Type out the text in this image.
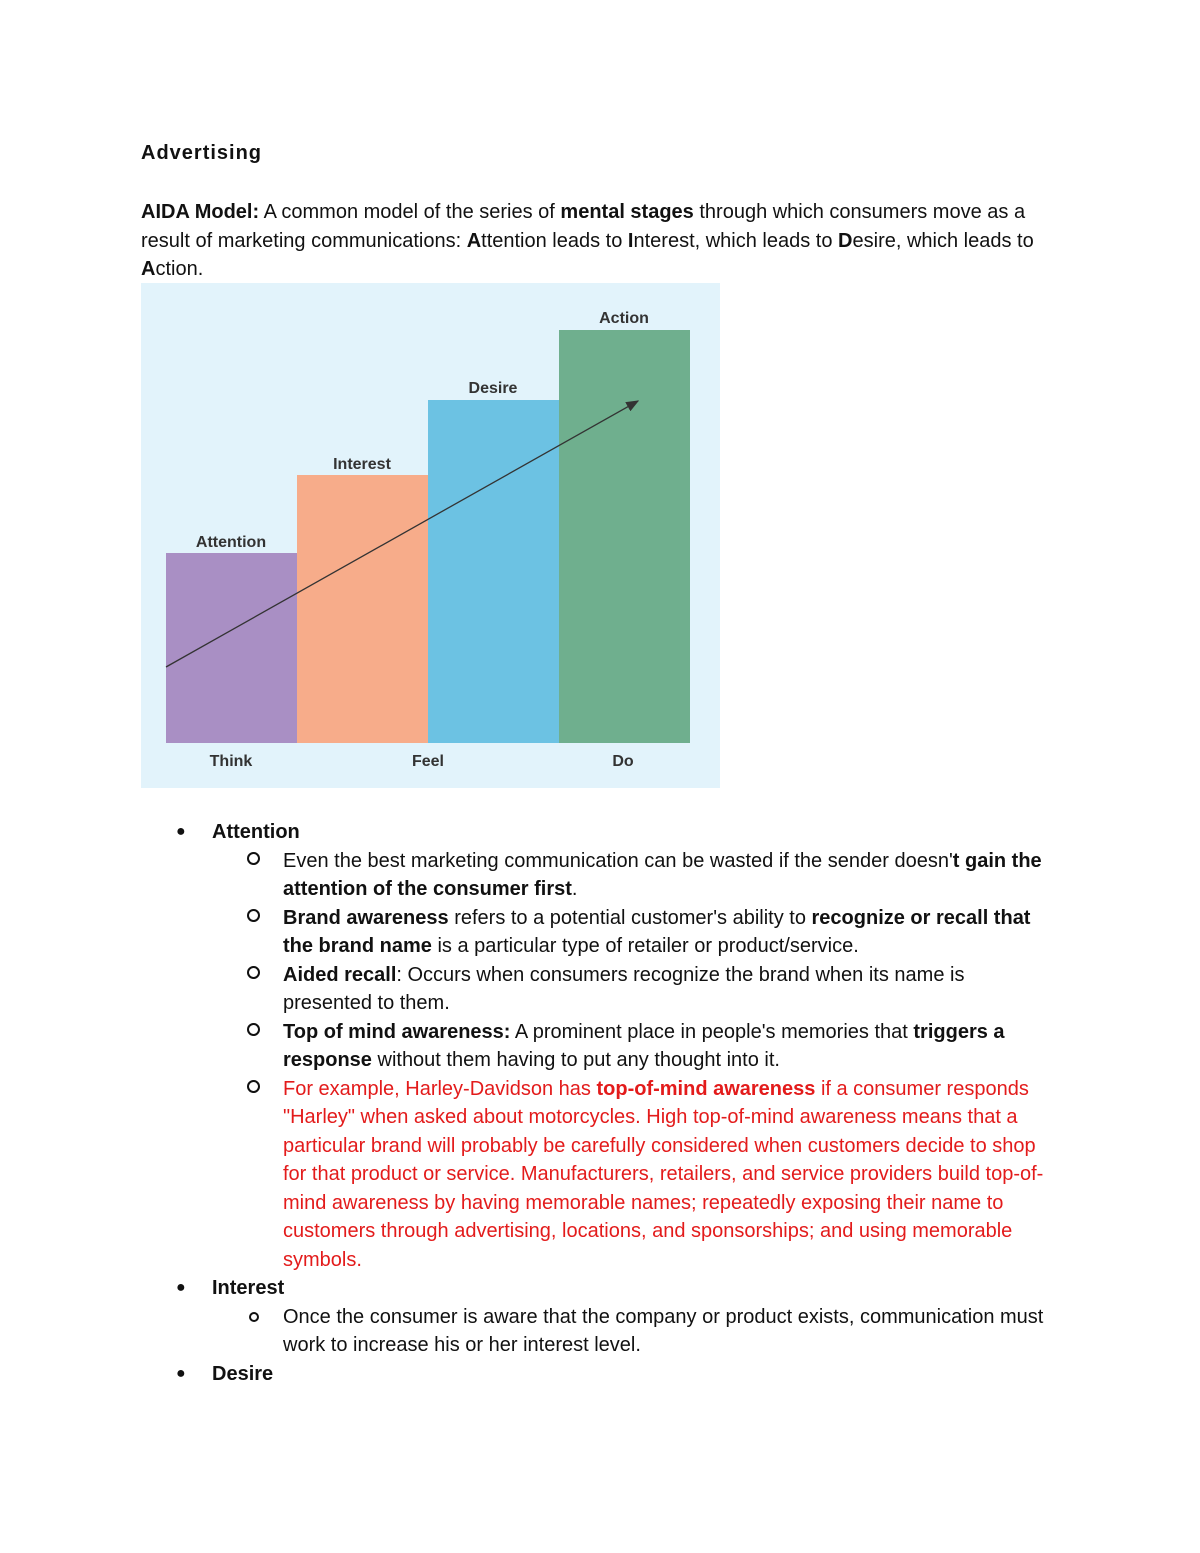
Advertising
AIDA Model: A common model of the series of mental stages through which consumers move as a result of marketing communications: Attention leads to Interest, which leads to Desire, which leads to Action.
Attention
Interest
Desire
Action
Think	Feel	Do
● Attention
Even the best marketing communication can be wasted if the sender doesn't gain the attention of the consumer first.
Brand awareness refers to a potential customer's ability to recognize or recall that the brand name is a particular type of retailer or product/service.
Aided recall: Occurs when consumers recognize the brand when its name is presented to them.
Top of mind awareness: A prominent place in people's memories that triggers a response without them having to put any thought into it.
For example, Harley-Davidson has top-of-mind awareness if a consumer responds "Harley" when asked about motorcycles. High top-of-mind awareness means that a particular brand will probably be carefully considered when customers decide to shop for that product or service. Manufacturers, retailers, and service providers build top-of-mind awareness by having memorable names; repeatedly exposing their name to customers through advertising, locations, and sponsorships; and using memorable symbols.
● Interest
Once the consumer is aware that the company or product exists, communication must work to increase his or her interest level.
● Desire
